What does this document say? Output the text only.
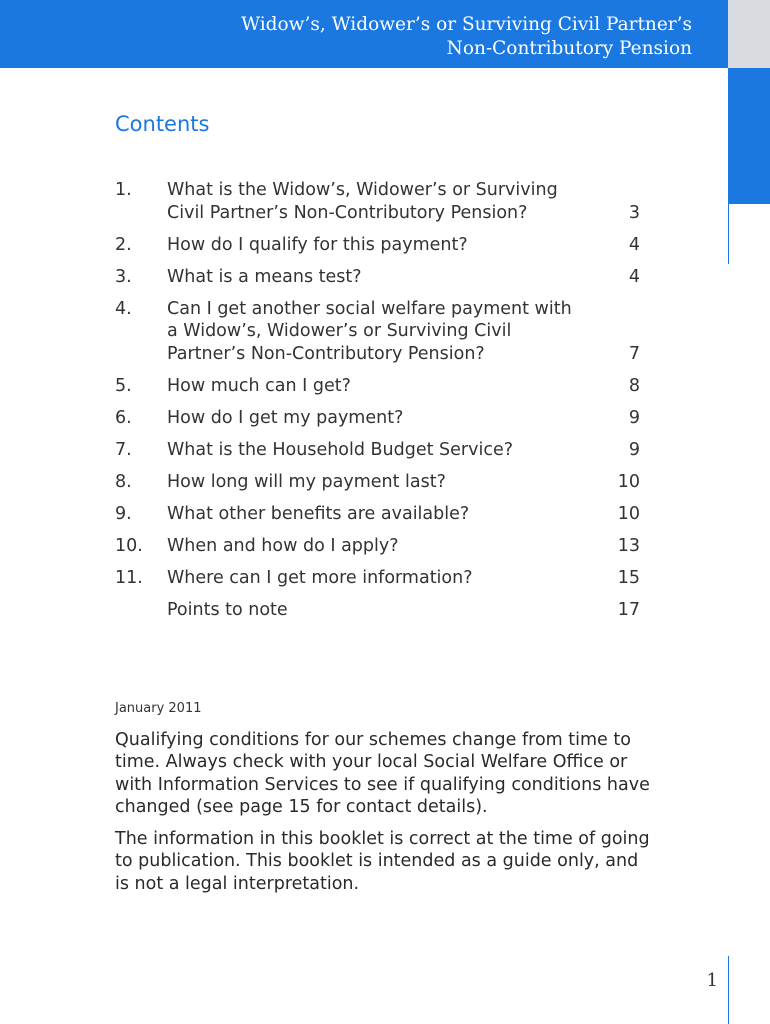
Widow’s, Widower’s or Surviving Civil Partner’s
Non-Contributory Pension
Contents
1.	What is the Widow’s, Widower’s or Surviving
Civil Partner’s Non-Contributory Pension?	3
2.	How do I qualify for this payment?	4
3.	What is a means test?	4
4.	Can I get another social welfare payment with
a Widow’s, Widower’s or Surviving Civil
Partner’s Non-Contributory Pension?	7
5.	How much can I get?	8
6.	How do I get my payment?	9
7.	What is the Household Budget Service?	9
8.	How long will my payment last?	10
9.	What other benefits are available?	10
10.	When and how do I apply?	13
11.	Where can I get more information?	15
Points to note	17
January 2011
Qualifying conditions for our schemes change from time to
time. Always check with your local Social Welfare Office or
with Information Services to see if qualifying conditions have
changed (see page 15 for contact details).
The information in this booklet is correct at the time of going
to publication. This booklet is intended as a guide only, and
is not a legal interpretation.
1
